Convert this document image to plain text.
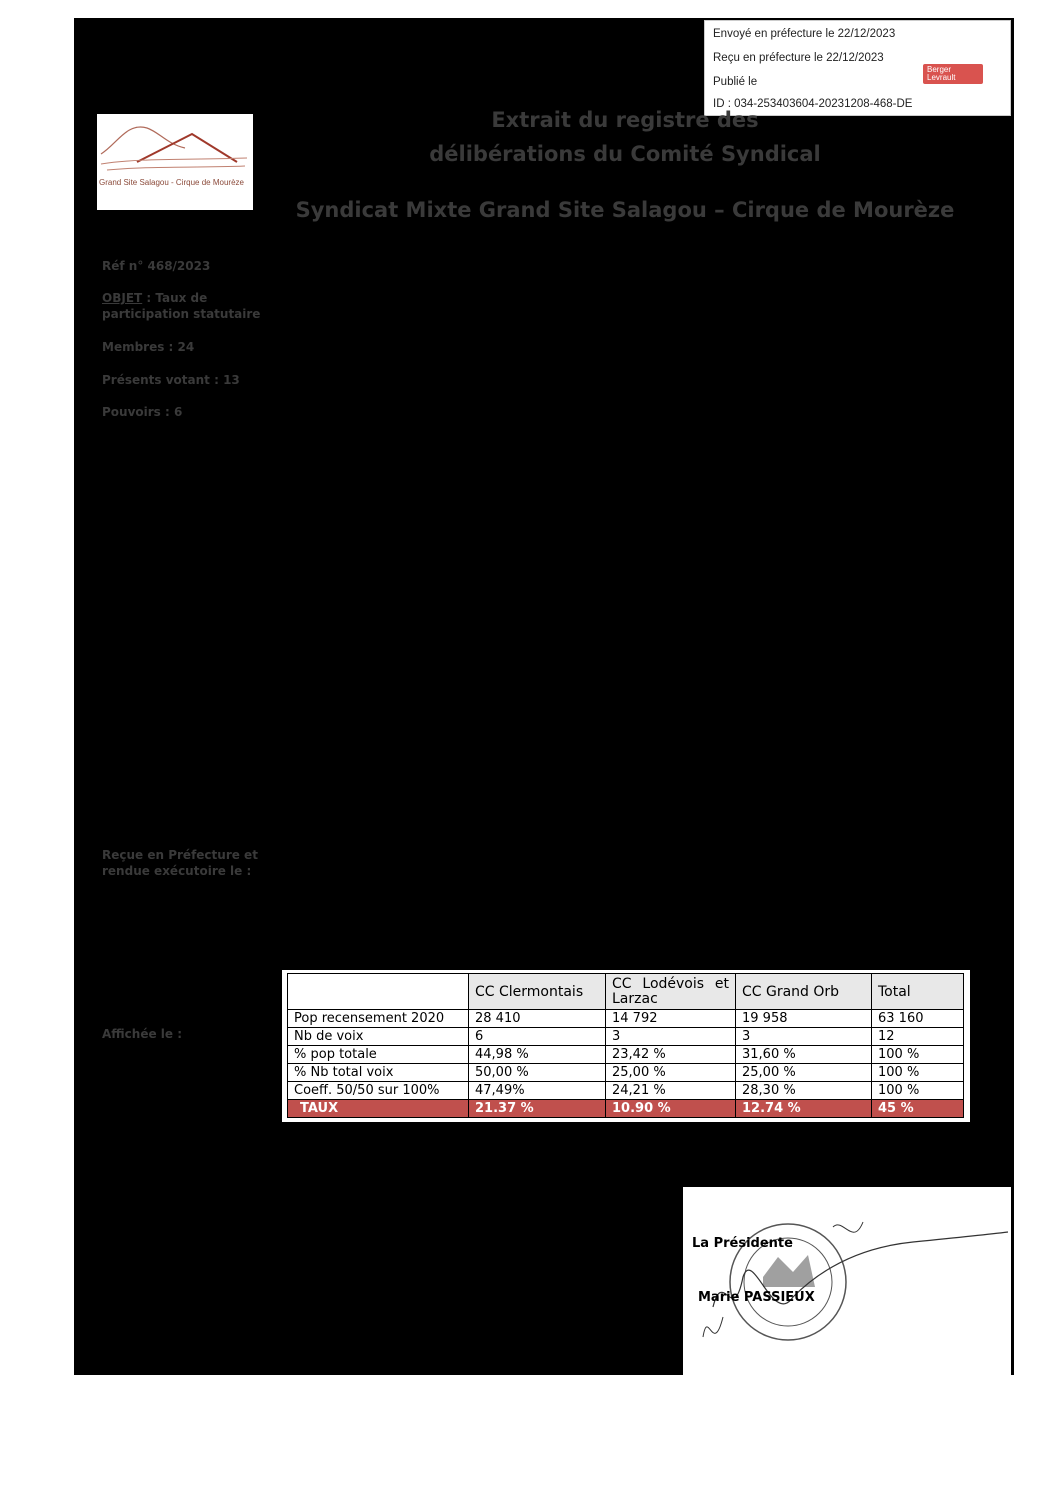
Envoyé en préfecture le 22/12/2023
Reçu en préfecture le 22/12/2023
Publié le
ID : 034-253403604-20231208-468-DE
Berger Levrault
Grand Site Salagou - Cirque de Mourèze
Extrait du registre des
délibérations du Comité Syndical
Syndicat Mixte Grand Site Salagou – Cirque de Mourèze
Réf n° 468/2023
OBJET : Taux de participation statutaire
Membres : 24
Présents votant : 13
Pouvoirs : 6
Reçue en Préfecture et
rendue exécutoire le :
Affichée le :
	CC Clermontais	CC Lodévois et Larzac	CC Grand Orb	Total
Pop recensement 2020	28 410	14 792	19 958	63 160
Nb de voix	6	3	3	12
% pop totale	44,98 %	23,42 %	31,60 %	100 %
% Nb total voix	50,00 %	25,00 %	25,00 %	100 %
Coeff. 50/50 sur 100%	47,49%	24,21 %	28,30 %	100 %
TAUX	21.37 %	10.90 %	12.74 %	45 %
La Présidente
Marie PASSIEUX
